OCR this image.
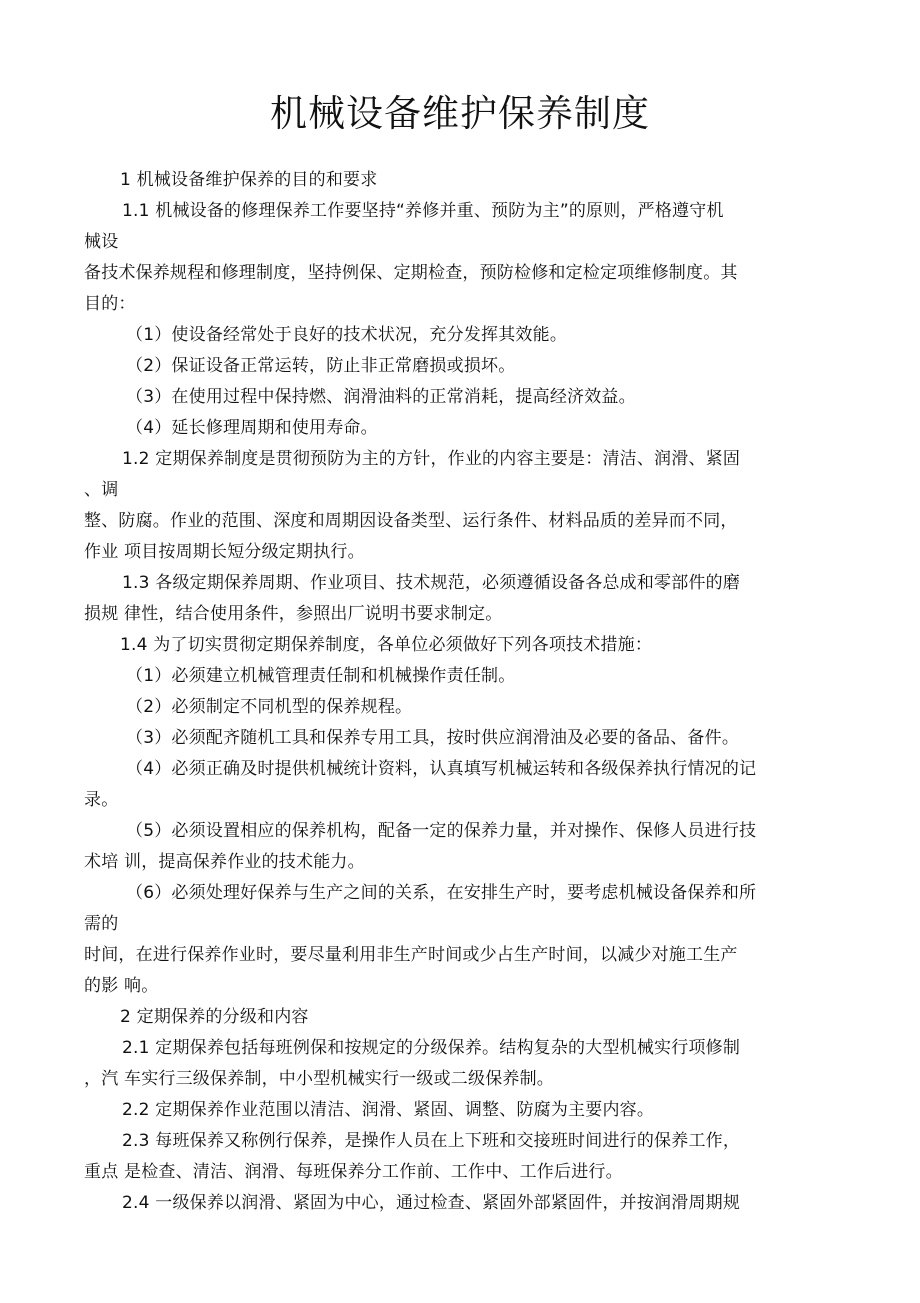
机械设备维护保养制度
1 机械设备维护保养的目的和要求
1.1 机械设备的修理保养工作要坚持“养修并重、预防为主”的原则，严格遵守机
械设
备技术保养规程和修理制度，坚持例保、定期检查，预防检修和定检定项维修制度。其
目的：
（1）使设备经常处于良好的技术状况，充分发挥其效能。
（2）保证设备正常运转，防止非正常磨损或损坏。
（3）在使用过程中保持燃、润滑油料的正常消耗，提高经济效益。
（4）延长修理周期和使用寿命。
1.2 定期保养制度是贯彻预防为主的方针，作业的内容主要是：清洁、润滑、紧固
、调
整、防腐。作业的范围、深度和周期因设备类型、运行条件、材料品质的差异而不同，
作业 项目按周期长短分级定期执行。
1.3 各级定期保养周期、作业项目、技术规范，必须遵循设备各总成和零部件的磨
损规 律性，结合使用条件，参照出厂说明书要求制定。
1.4 为了切实贯彻定期保养制度，各单位必须做好下列各项技术措施：
（1）必须建立机械管理责任制和机械操作责任制。
（2）必须制定不同机型的保养规程。
（3）必须配齐随机工具和保养专用工具，按时供应润滑油及必要的备品、备件。
（4）必须正确及时提供机械统计资料，认真填写机械运转和各级保养执行情况的记
录。
（5）必须设置相应的保养机构，配备一定的保养力量，并对操作、保修人员进行技
术培 训，提高保养作业的技术能力。
（6）必须处理好保养与生产之间的关系，在安排生产时，要考虑机械设备保养和所
需的
时间，在进行保养作业时，要尽量利用非生产时间或少占生产时间，以减少对施工生产
的影 响。
2 定期保养的分级和内容
2.1 定期保养包括每班例保和按规定的分级保养。结构复杂的大型机械实行项修制
，汽 车实行三级保养制，中小型机械实行一级或二级保养制。
2.2 定期保养作业范围以清洁、润滑、紧固、调整、防腐为主要内容。
2.3 每班保养又称例行保养，是操作人员在上下班和交接班时间进行的保养工作，
重点 是检查、清洁、润滑、每班保养分工作前、工作中、工作后进行。
2.4 一级保养以润滑、紧固为中心，通过检查、紧固外部紧固件，并按润滑周期规
